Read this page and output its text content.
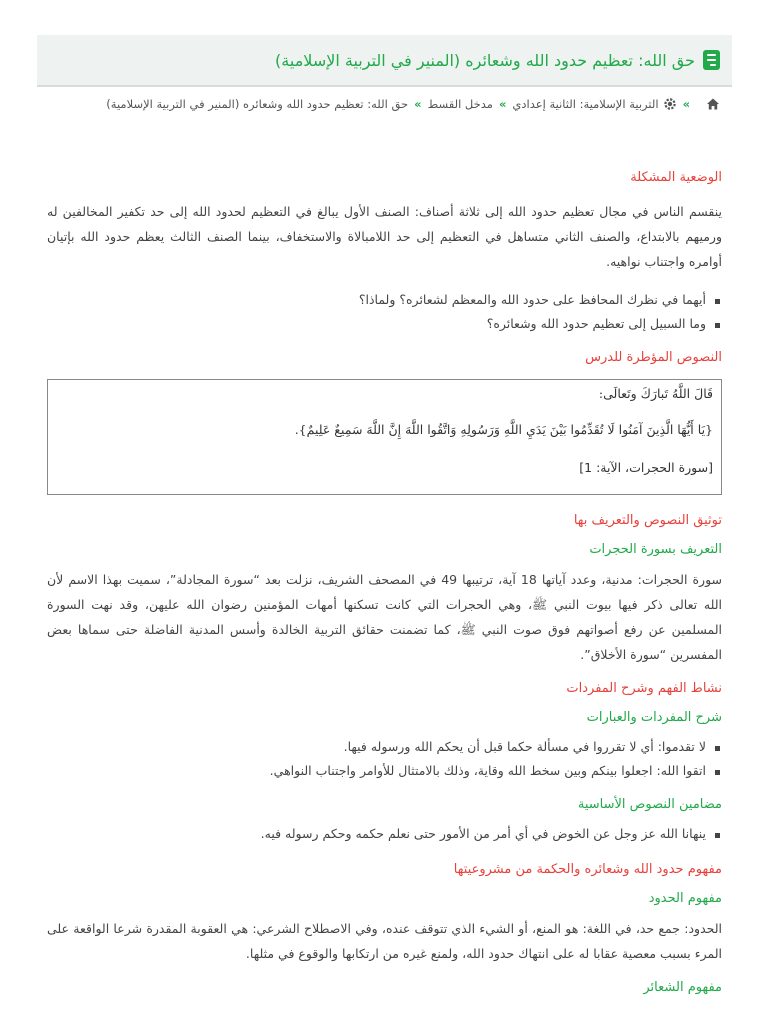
حق الله: تعظيم حدود الله وشعائره (المنير في التربية الإسلامية)
»
التربية الإسلامية: الثانية إعدادي
»
مدخل القسط
»
حق الله: تعظيم حدود الله وشعائره (المنير في التربية الإسلامية)
الوضعية المشكلة

ينقسم الناس في مجال تعظيم حدود الله إلى ثلاثة أصناف: الصنف الأول يبالغ في التعظيم لحدود الله إلى حد تكفير المخالفين له ورميهم بالابتداع، والصنف الثاني متساهل في التعظيم إلى حد اللامبالاة والاستخفاف، بينما الصنف الثالث يعظم حدود الله بإتيان أوامره واجتناب نواهيه.

أيهما في نظرك المحافظ على حدود الله والمعظم لشعائره؟ ولماذا؟
وما السبيل إلى تعظيم حدود الله وشعائره؟
النصوص المؤطرة للدرس
قَالَ اللَّهُ تَبارَكَ وتَعالَى:
{يَا أَيُّهَا الَّذِينَ آمَنُوا لَا تُقَدِّمُوا بَيْنَ يَدَيِ اللَّهِ وَرَسُولِهِ وَاتَّقُوا اللَّهَ إِنَّ اللَّهَ سَمِيعٌ عَلِيمٌ}.
[سورة الحجرات، الآية: 1]
توثيق النصوص والتعريف بها
التعريف بسورة الحجرات

سورة الحجرات: مدنية، وعدد آياتها 18 آية، ترتيبها 49 في المصحف الشريف، نزلت بعد “سورة المجادلة”، سميت بهذا الاسم لأن الله تعالى ذكر فيها بيوت النبي ﷺ، وهي الحجرات التي كانت تسكنها أمهات المؤمنين رضوان الله عليهن، وقد نهت السورة المسلمين عن رفع أصواتهم فوق صوت النبي ﷺ، كما تضمنت حقائق التربية الخالدة وأسس المدنية الفاضلة حتى سماها بعض المفسرين “سورة الأخلاق”.

نشاط الفهم وشرح المفردات
شرح المفردات والعبارات
لا تقدموا: أي لا تقرروا في مسألة حكما قبل أن يحكم الله ورسوله فيها.
اتقوا الله: اجعلوا بينكم وبين سخط الله وقاية، وذلك بالامتثال للأوامر واجتناب النواهي.
مضامين النصوص الأساسية
ينهانا الله عز وجل عن الخوض في أي أمر من الأمور حتى نعلم حكمه وحكم رسوله فيه.
مفهوم حدود الله وشعائره والحكمة من مشروعيتها
مفهوم الحدود

الحدود: جمع حد، في اللغة: هو المنع، أو الشيء الذي تتوقف عنده، وفي الاصطلاح الشرعي: هي العقوبة المقدرة شرعا الواقعة على المرء بسبب معصية عقابا له على انتهاك حدود الله، ولمنع غيره من ارتكابها والوقوع في مثلها.

مفهوم الشعائر
